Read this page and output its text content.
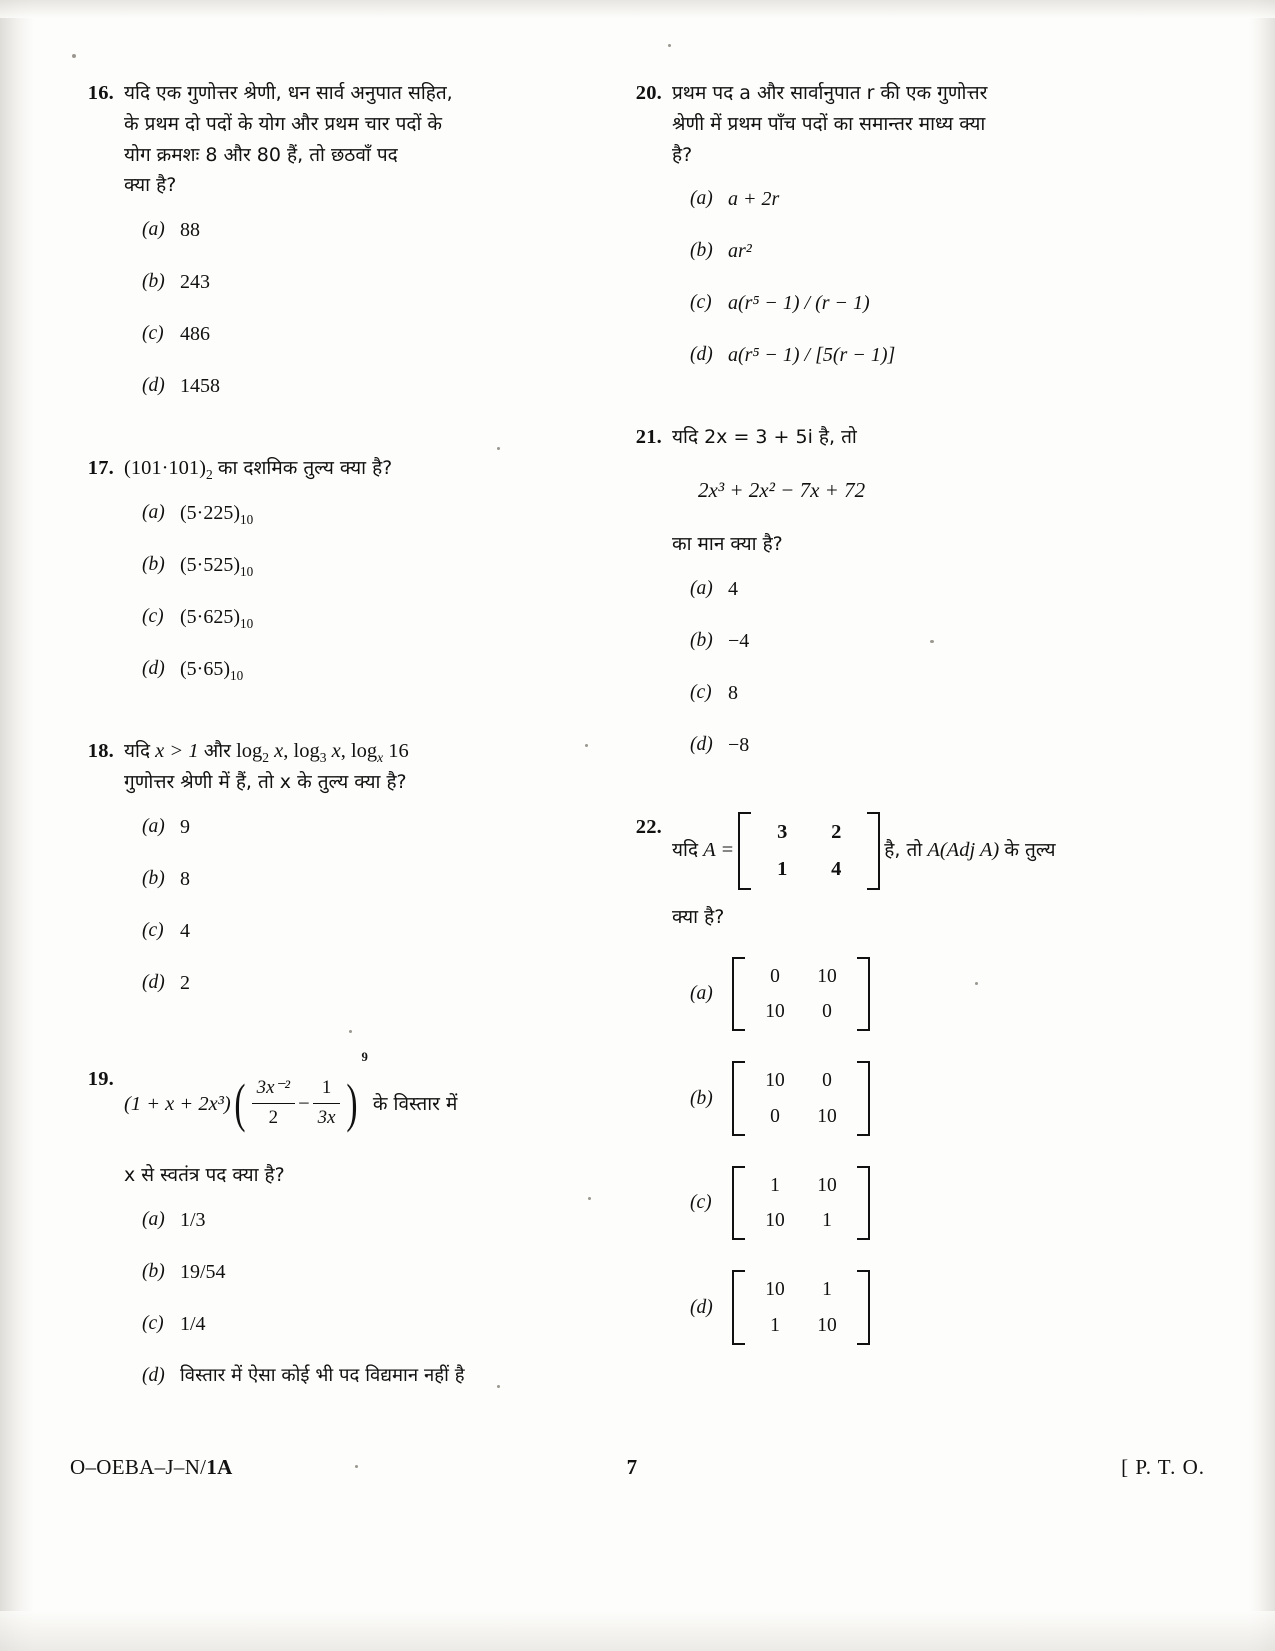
16. यदि एक गुणोत्तर श्रेणी, धन सार्व अनुपात सहित,
के प्रथम दो पदों के योग और प्रथम चार पदों के
योग क्रमशः 8 और 80 हैं, तो छठवाँ पद
क्या है?
(a) 88
(b) 243
(c) 486
(d) 1458
17. $(101\cdot 101)_2$ का दशमिक तुल्य क्या है?
(a) $(5\cdot 225)_{10}$
(b) $(5\cdot 525)_{10}$
(c) $(5\cdot 625)_{10}$
(d) $(5\cdot 65)_{10}$
18. यदि x > 1 और $\log_2 x$, $\log_3 x$, $\log_x 16$
गुणोत्तर श्रेणी में हैं, तो x के तुल्य क्या है?
(a) 9
(b) 8
(c) 4
(d) 2
19.
$(1 + x + 2x^3)( \frac{\text{3x⁻²}}{2} - \frac{1}{3x} )^9$ के विस्तार में
x से स्वतंत्र पद क्या है?
(a) 1/3
(b) 19/54
(c) 1/4
(d) विस्तार में ऐसा कोई भी पद विद्यमान नहीं है
20. प्रथम पद a और सार्वानुपात r की एक गुणोत्तर
श्रेणी में प्रथम पाँच पदों का समान्तर माध्य क्या
है?
(a) a + 2r
(b) ar²
(c) a(r⁵ − 1) / (r − 1)
(d) a(r⁵ − 1) / [5(r − 1)]
21. यदि 2x = 3 + 5i है, तो
2x³ + 2x² − 7x + 72
का मान क्या है?
(a) 4
(b) −4
(c) 8
(d) −8
22.
यदि A =
3	2
1	4
है, तो A(Adj A) के तुल्य
क्या है?
(a)
0	10
10	0
(b)
10	0
0	10
(c)
1	10
10	1
(d)
10	1
1	10
O–OEBA–J–N/1A	7	[ P. T. O.
